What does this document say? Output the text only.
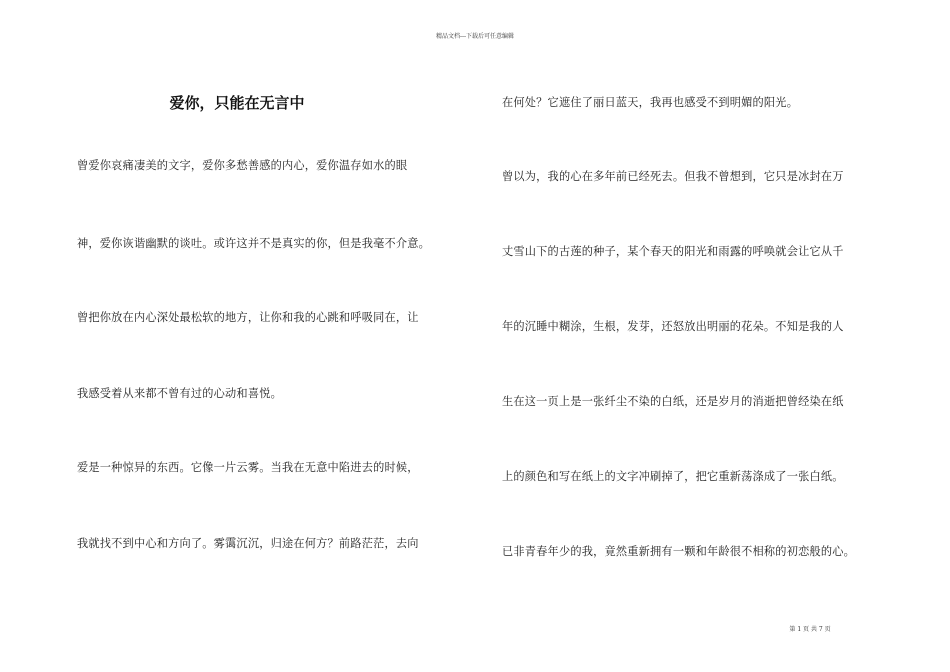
精品文档---下载后可任意编辑
爱你，只能在无言中
曾爱你哀痛凄美的文字，爱你多愁善感的内心，爱你温存如水的眼
神，爱你诙谐幽默的谈吐。或许这并不是真实的你，但是我毫不介意。
曾把你放在内心深处最松软的地方，让你和我的心跳和呼吸同在，让
我感受着从来都不曾有过的心动和喜悦。
爱是一种惊异的东西。它像一片云雾。当我在无意中陷进去的时候，
我就找不到中心和方向了。雾霭沉沉，归途在何方？前路茫茫，去向
在何处？它遮住了丽日蓝天，我再也感受不到明媚的阳光。
曾以为，我的心在多年前已经死去。但我不曾想到，它只是冰封在万
丈雪山下的古莲的种子，某个春天的阳光和雨露的呼唤就会让它从千
年的沉睡中糊涂，生根，发芽，还怒放出明丽的花朵。不知是我的人
生在这一页上是一张纤尘不染的白纸，还是岁月的消逝把曾经染在纸
上的颜色和写在纸上的文字冲刷掉了，把它重新荡涤成了一张白纸。
已非青春年少的我，竟然重新拥有一颗和年龄很不相称的初恋般的心。
第 1 页 共 7 页
